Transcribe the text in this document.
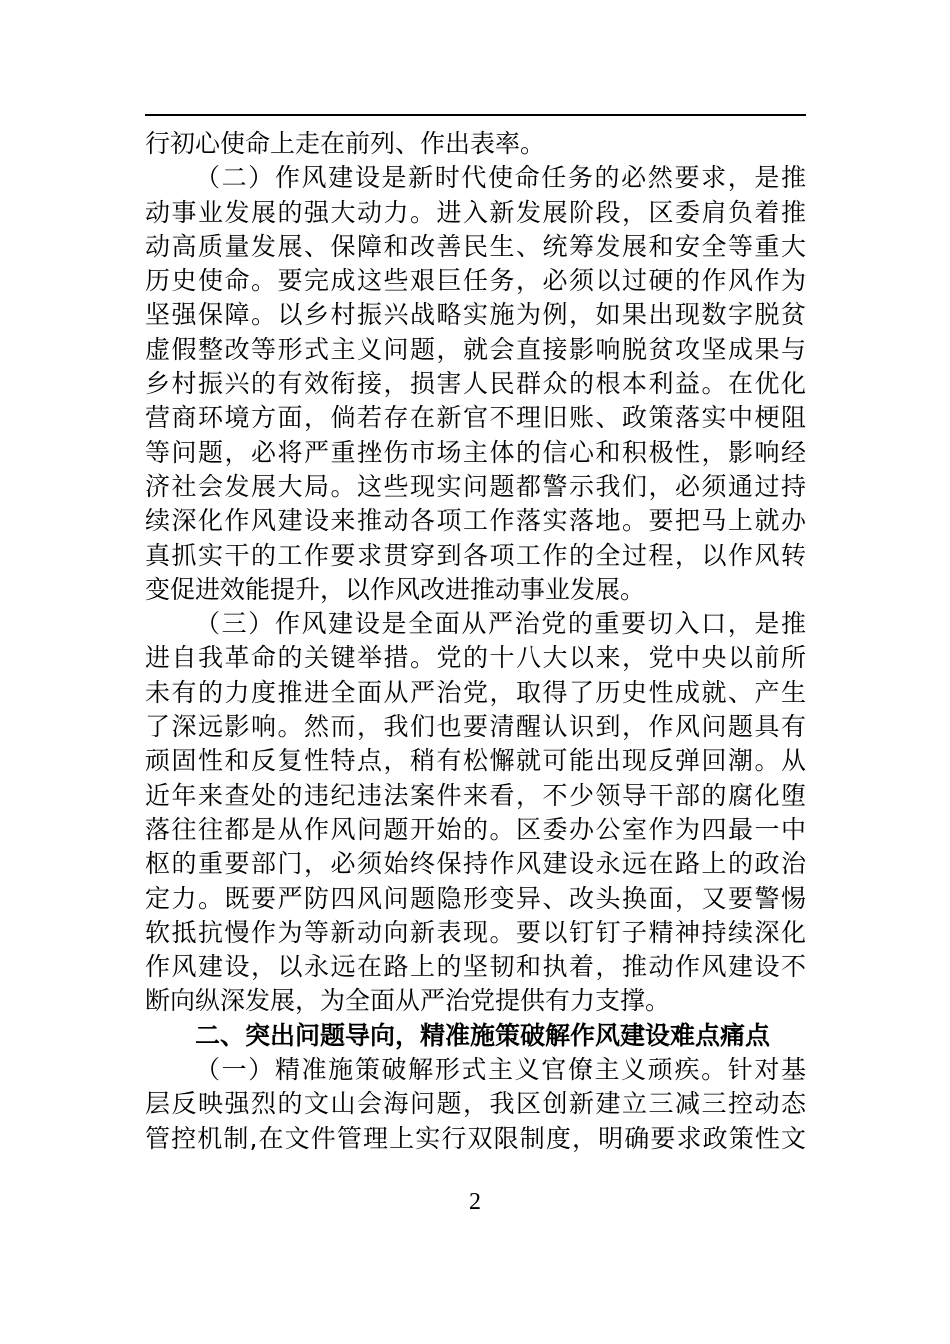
行初心使命上走在前列、作出表率。
（二）作风建设是新时代使命任务的必然要求，是推
动事业发展的强大动力。进入新发展阶段，区委肩负着推
动高质量发展、保障和改善民生、统筹发展和安全等重大
历史使命。要完成这些艰巨任务，必须以过硬的作风作为
坚强保障。以乡村振兴战略实施为例，如果出现数字脱贫
虚假整改等形式主义问题，就会直接影响脱贫攻坚成果与
乡村振兴的有效衔接，损害人民群众的根本利益。在优化
营商环境方面，倘若存在新官不理旧账、政策落实中梗阻
等问题，必将严重挫伤市场主体的信心和积极性，影响经
济社会发展大局。这些现实问题都警示我们，必须通过持
续深化作风建设来推动各项工作落实落地。要把马上就办
真抓实干的工作要求贯穿到各项工作的全过程，以作风转
变促进效能提升，以作风改进推动事业发展。
（三）作风建设是全面从严治党的重要切入口，是推
进自我革命的关键举措。党的十八大以来，党中央以前所
未有的力度推进全面从严治党，取得了历史性成就、产生
了深远影响。然而，我们也要清醒认识到，作风问题具有
顽固性和反复性特点，稍有松懈就可能出现反弹回潮。从
近年来查处的违纪违法案件来看，不少领导干部的腐化堕
落往往都是从作风问题开始的。区委办公室作为四最一中
枢的重要部门，必须始终保持作风建设永远在路上的政治
定力。既要严防四风问题隐形变异、改头换面，又要警惕
软抵抗慢作为等新动向新表现。要以钉钉子精神持续深化
作风建设，以永远在路上的坚韧和执着，推动作风建设不
断向纵深发展，为全面从严治党提供有力支撑。
二、突出问题导向，精准施策破解作风建设难点痛点
（一）精准施策破解形式主义官僚主义顽疾。针对基
层反映强烈的文山会海问题，我区创新建立三减三控动态
管控机制,在文件管理上实行双限制度，明确要求政策性文
2
